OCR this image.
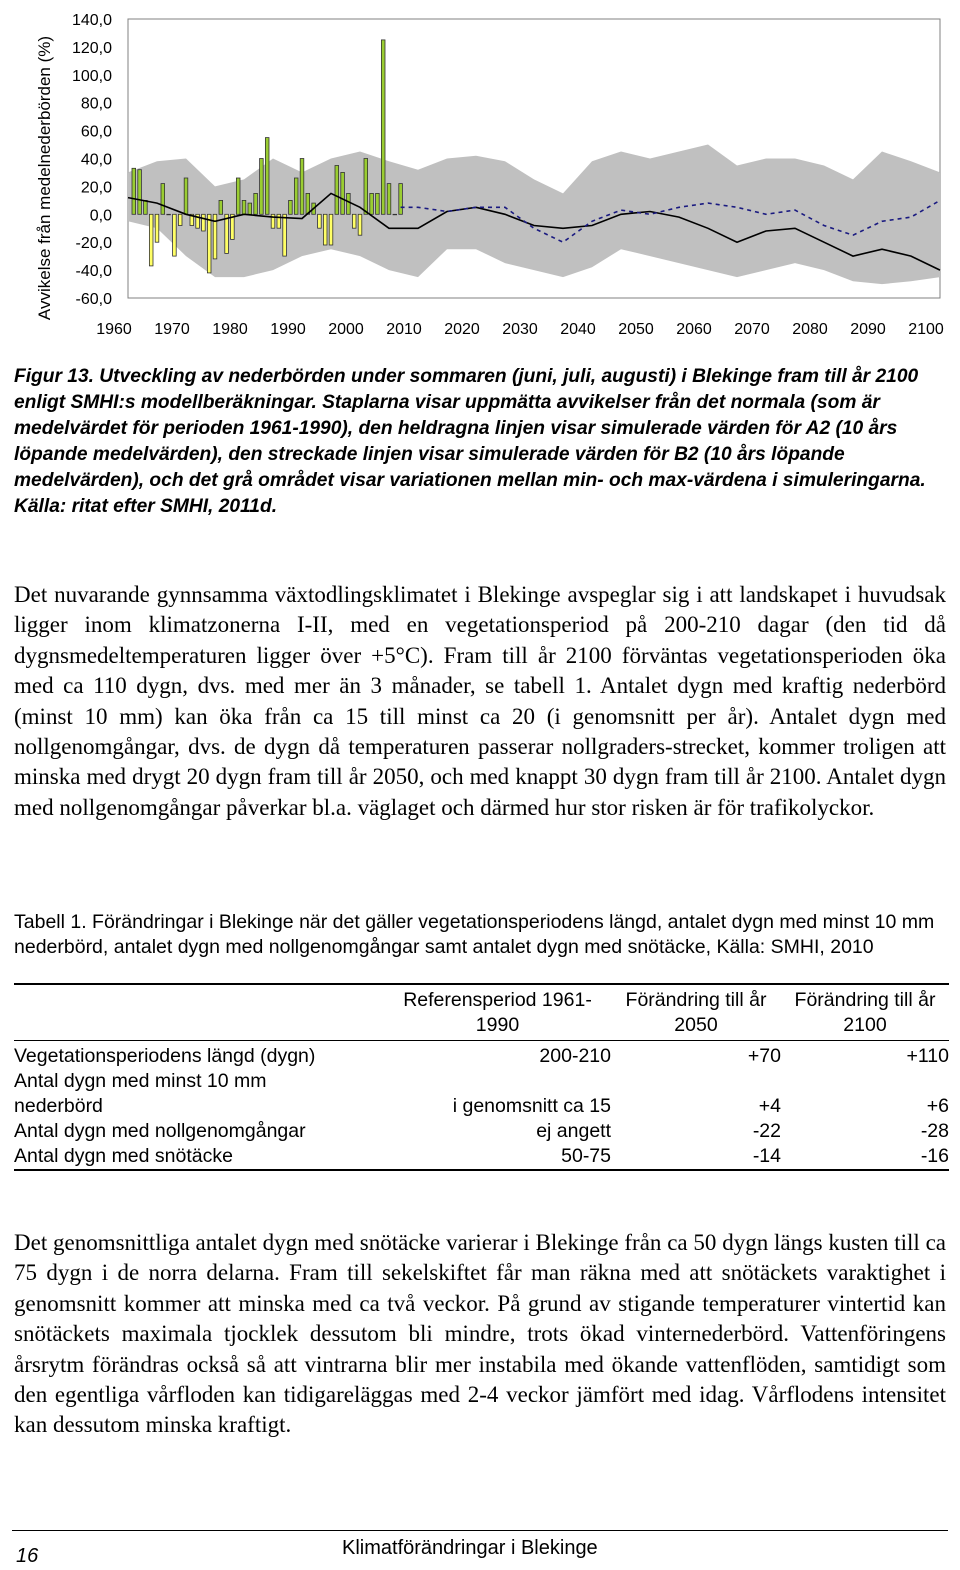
Avvikelse från medelnederbörden (%)
140,0
120,0
100,0
80,0
60,0
40,0
20,0
0,0
-20,0
-40,0
-60,0
1960 1970 1980 1990 2000 2010 2020 2030 2040 2050 2060 2070 2080 2090 2100

Figur 13. Utveckling av nederbörden under sommaren (juni, juli, augusti) i Blekinge fram till år 2100 enligt SMHI:s modellberäkningar. Staplarna visar uppmätta avvikelser från det normala (som är medelvärdet för perioden 1961-1990), den heldragna linjen visar simulerade värden för A2 (10 års löpande medelvärden), den streckade linjen visar simulerade värden för B2 (10 års löpande medelvärden), och det grå området visar variationen mellan min- och max-värdena i simuleringarna. Källa: ritat efter SMHI, 2011d.

Det nuvarande gynnsamma växtodlingsklimatet i Blekinge avspeglar sig i att landskapet i huvudsak ligger inom klimatzonerna I-II, med en vegetationsperiod på 200-210 dagar (den tid då dygnsmedeltemperaturen ligger över +5°C). Fram till år 2100 förväntas vegetationsperioden öka med ca 110 dygn, dvs. med mer än 3 månader, se tabell 1. Antalet dygn med kraftig nederbörd (minst 10 mm) kan öka från ca 15 till minst ca 20 (i genomsnitt per år). Antalet dygn med nollgenomgångar, dvs. de dygn då temperaturen passerar nollgraders-strecket, kommer troligen att minska med drygt 20 dygn fram till år 2050, och med knappt 30 dygn fram till år 2100. Antalet dygn med nollgenomgångar påverkar bl.a. väglaget och därmed hur stor risken är för trafikolyckor.

Tabell 1. Förändringar i Blekinge när det gäller vegetationsperiodens längd, antalet dygn med minst 10 mm nederbörd, antalet dygn med nollgenomgångar samt antalet dygn med snötäcke, Källa: SMHI, 2010

	Referensperiod 1961-1990	Förändring till år 2050	Förändring till år 2100
Vegetationsperiodens längd (dygn)	200-210	+70	+110
Antal dygn med minst 10 mm nederbörd	i genomsnitt ca 15	+4	+6
Antal dygn med nollgenomgångar	ej angett	-22	-28
Antal dygn med snötäcke	50-75	-14	-16

Det genomsnittliga antalet dygn med snötäcke varierar i Blekinge från ca 50 dygn längs kusten till ca 75 dygn i de norra delarna. Fram till sekelskiftet får man räkna med att snötäckets varaktighet i genomsnitt kommer att minska med ca två veckor. På grund av stigande temperaturer vintertid kan snötäckets maximala tjocklek dessutom bli mindre, trots ökad vinternederbörd. Vattenföringens årsrytm förändras också så att vintrarna blir mer instabila med ökande vattenflöden, samtidigt som den egentliga vårfloden kan tidigareläggas med 2-4 veckor jämfört med idag. Vårflodens intensitet kan dessutom minska kraftigt.

16	Klimatförändringar i Blekinge
